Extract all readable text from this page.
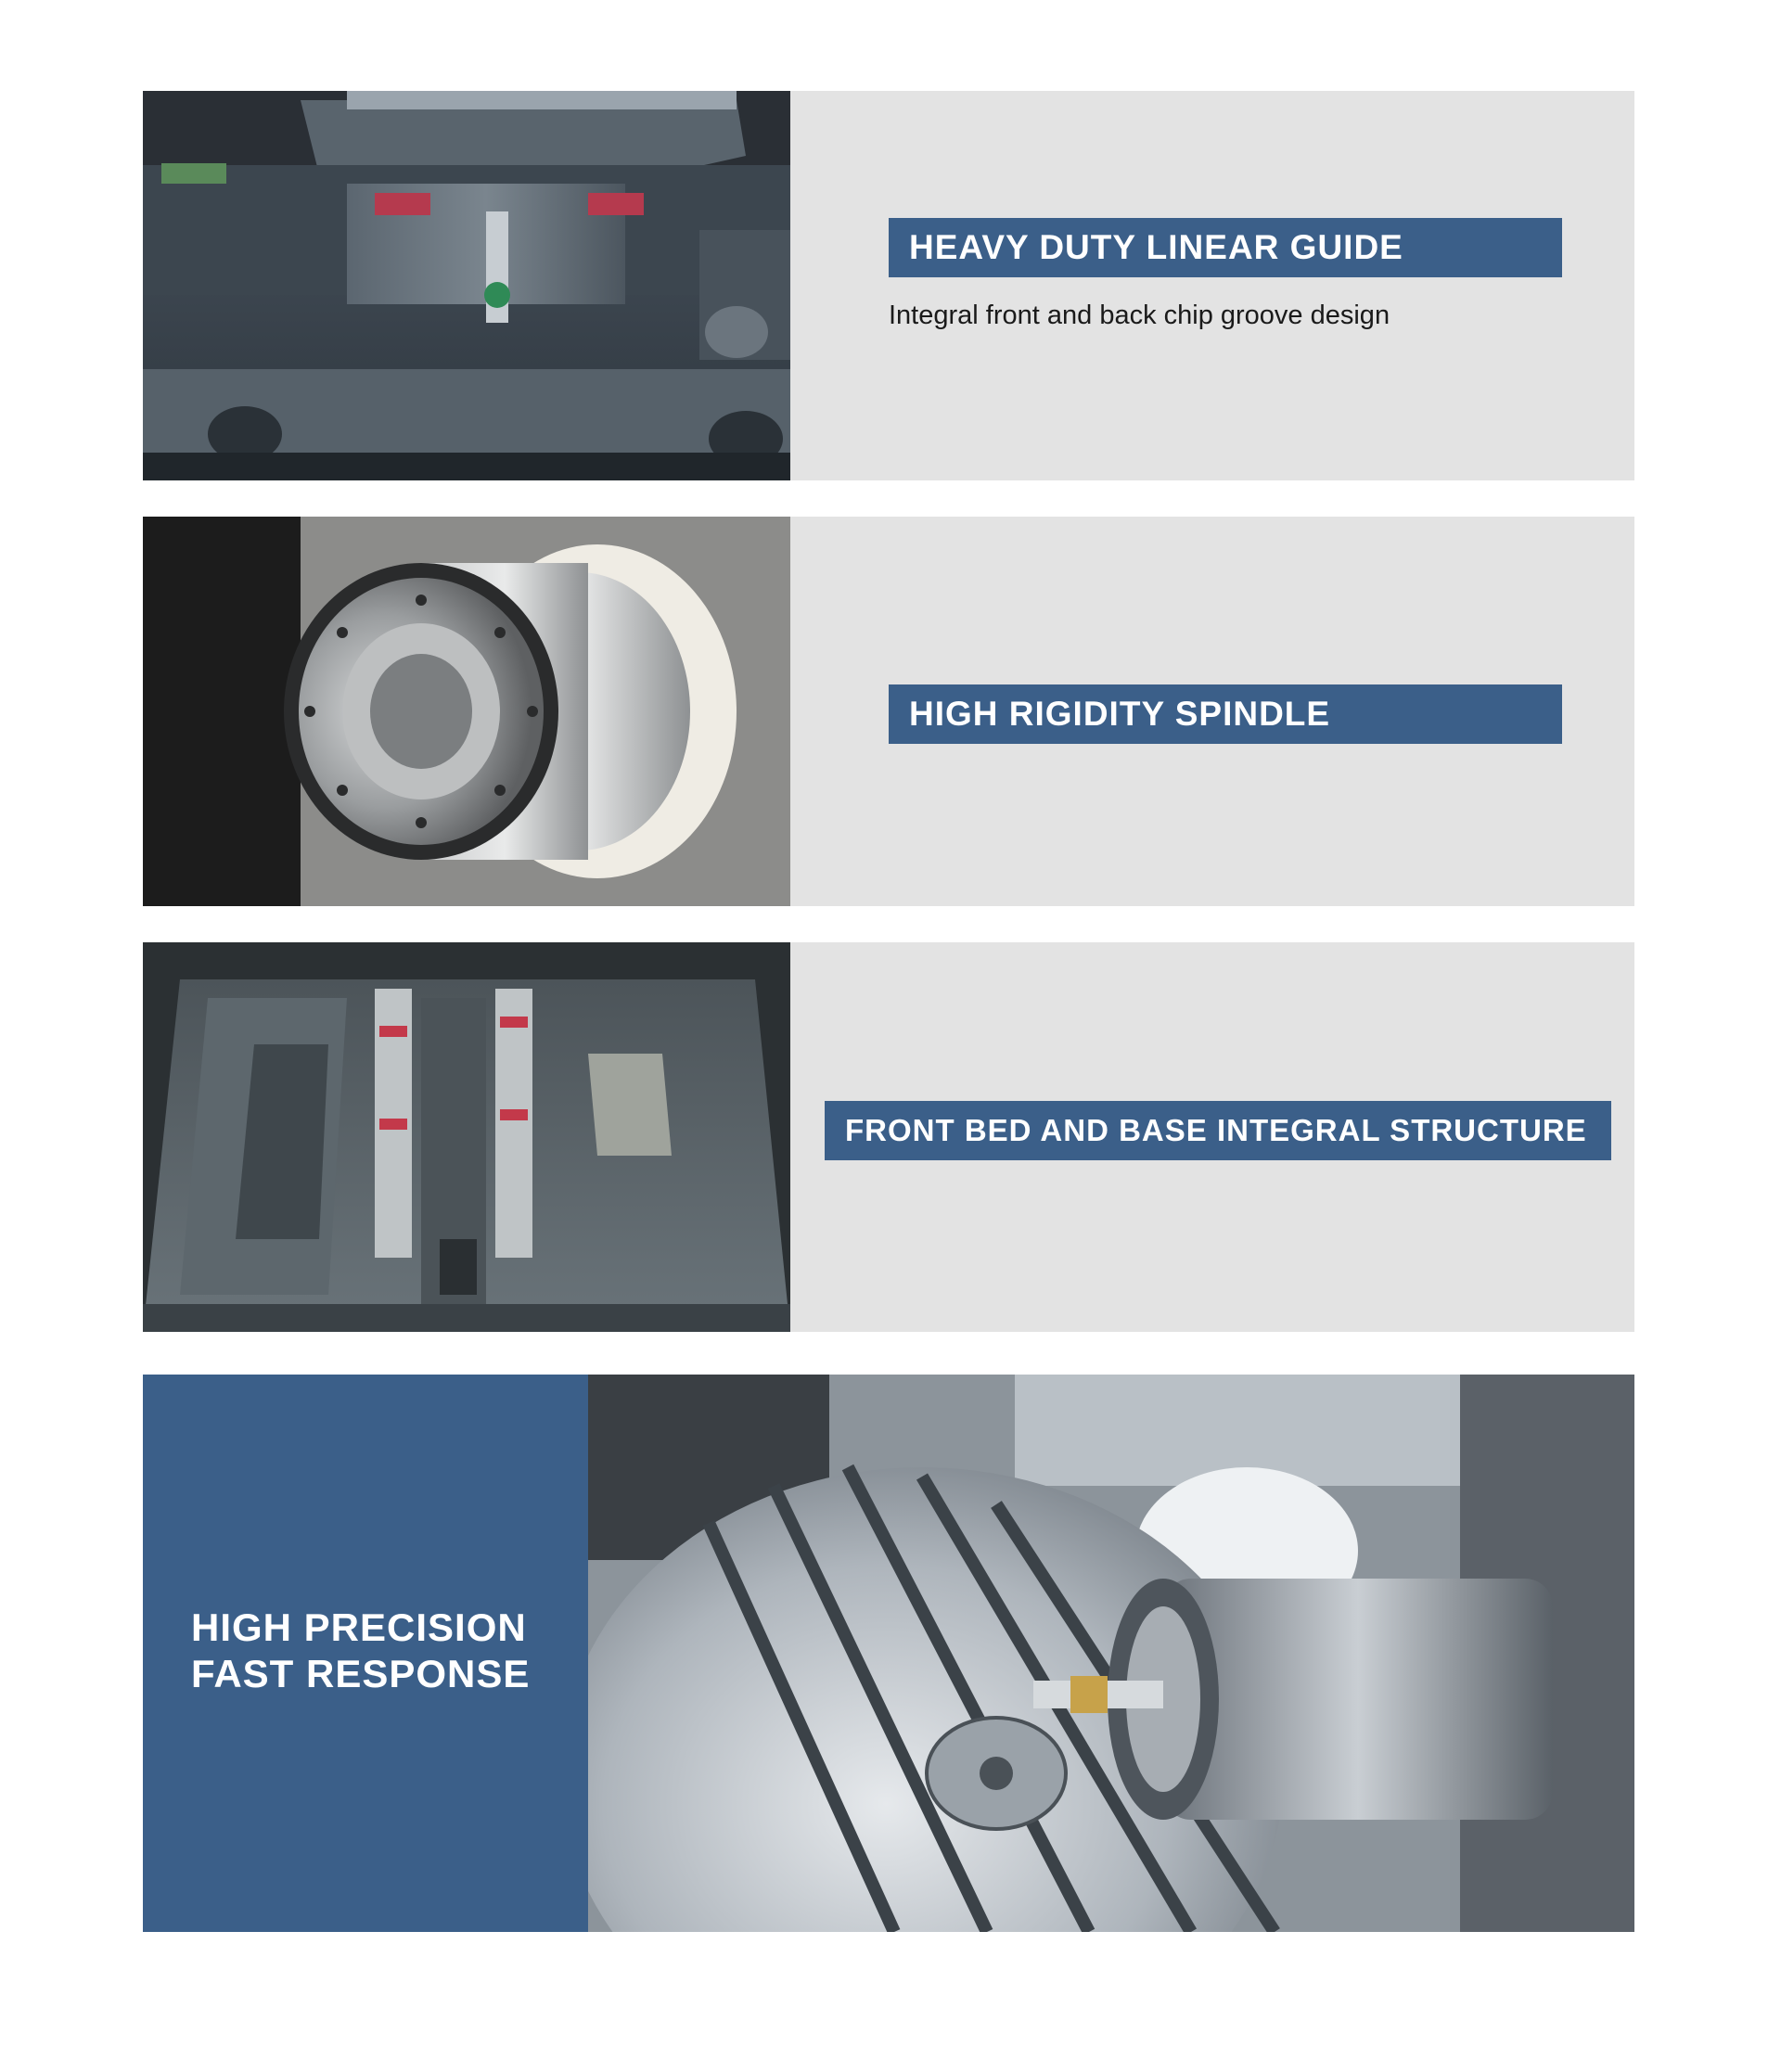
HEAVY DUTY LINEAR GUIDE
Integral front and back chip groove design
HIGH RIGIDITY SPINDLE
FRONT BED AND BASE INTEGRAL STRUCTURE
HIGH PRECISION
FAST RESPONSE
